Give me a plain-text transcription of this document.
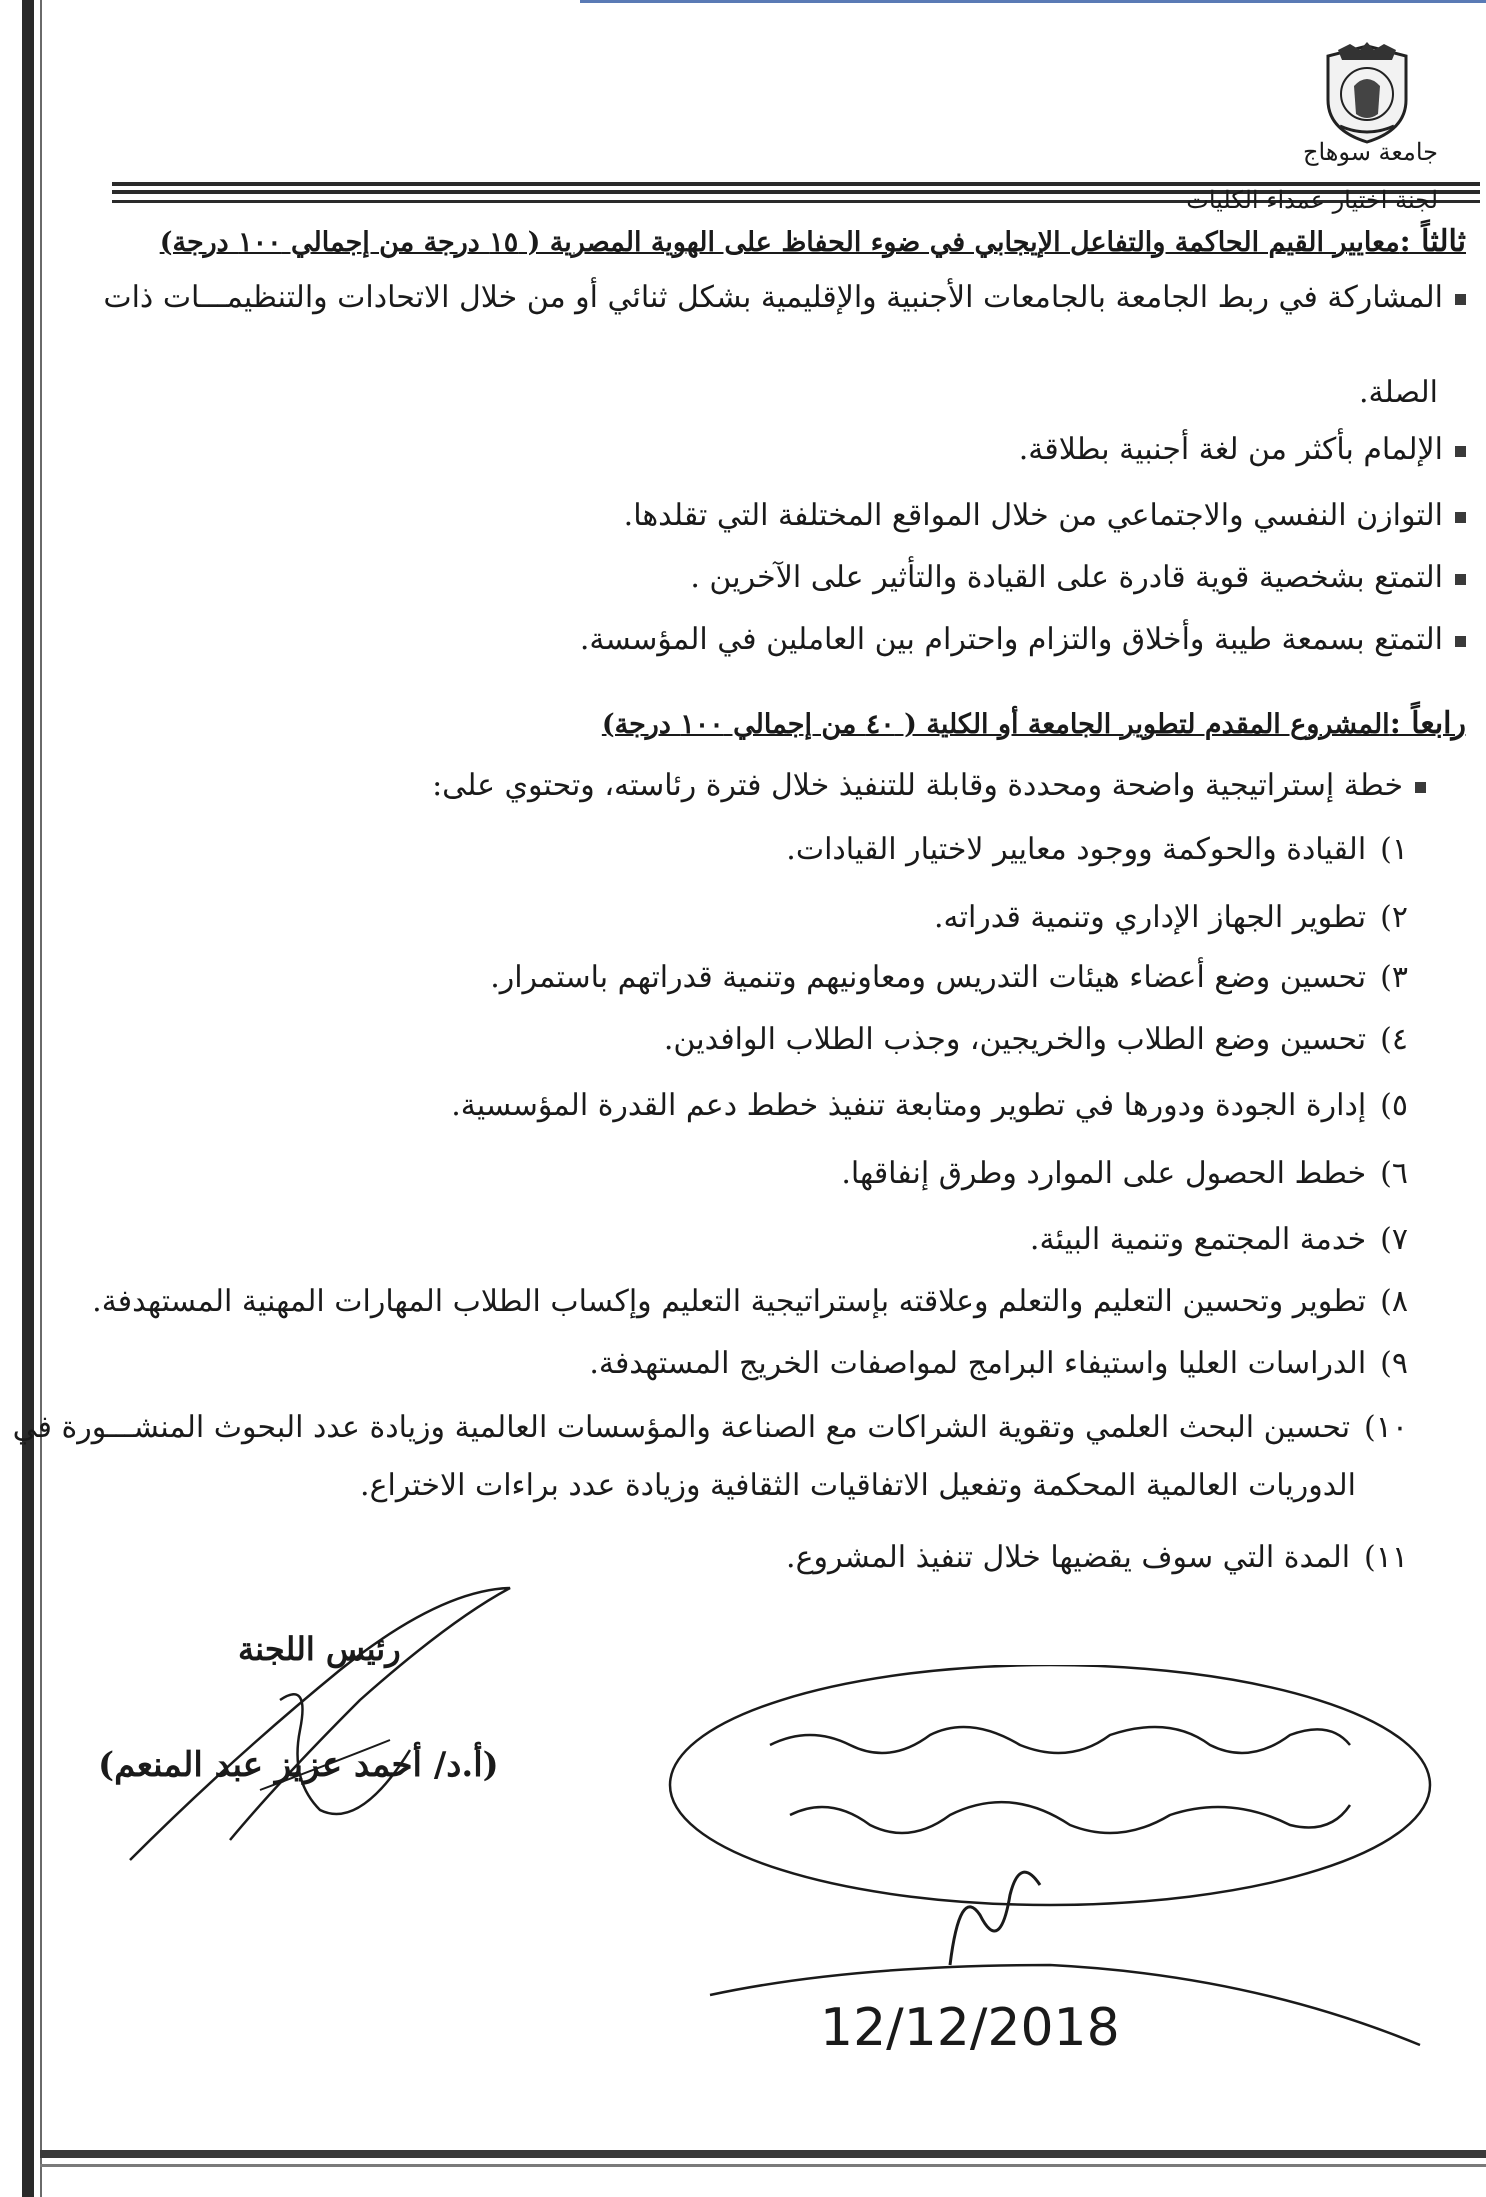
جامعة سوهاج
لجنة اختيار عمداء الكليات
ثالثاً :معايير القيم الحاكمة والتفاعل الإيجابي في ضوء الحفاظ على الهوية المصرية ( ١٥ درجة من إجمالي ١٠٠ درجة)
المشاركة في ربط الجامعة بالجامعات الأجنبية والإقليمية بشكل ثنائي أو من خلال الاتحادات والتنظيمـــات ذات
الصلة.
الإلمام بأكثر من لغة أجنبية بطلاقة.
التوازن النفسي والاجتماعي من خلال المواقع المختلفة التي تقلدها.
التمتع بشخصية قوية قادرة على القيادة والتأثير على الآخرين .
التمتع بسمعة طيبة وأخلاق والتزام واحترام بين العاملين في المؤسسة.
رابعاً :المشروع المقدم لتطوير الجامعة أو الكلية ( ٤٠ من إجمالي ١٠٠ درجة)
خطة إستراتيجية واضحة ومحددة وقابلة للتنفيذ خلال فترة رئاسته، وتحتوي على:
١)القيادة والحوكمة ووجود معايير لاختيار القيادات.
٢)تطوير الجهاز الإداري وتنمية قدراته.
٣)تحسين وضع أعضاء هيئات التدريس ومعاونيهم وتنمية قدراتهم باستمرار.
٤)تحسين وضع الطلاب والخريجين، وجذب الطلاب الوافدين.
٥)إدارة الجودة ودورها في تطوير ومتابعة تنفيذ خطط دعم القدرة المؤسسية.
٦)خطط الحصول على الموارد وطرق إنفاقها.
٧)خدمة المجتمع وتنمية البيئة.
٨)تطوير وتحسين التعليم والتعلم وعلاقته بإستراتيجية التعليم وإكساب الطلاب المهارات المهنية المستهدفة.
٩)الدراسات العليا واستيفاء البرامج لمواصفات الخريج المستهدفة.
١٠)تحسين البحث العلمي وتقوية الشراكات مع الصناعة والمؤسسات العالمية وزيادة عدد البحوث المنشـــورة في
الدوريات العالمية المحكمة وتفعيل الاتفاقيات الثقافية وزيادة عدد براءات الاختراع.
١١)المدة التي سوف يقضيها خلال تنفيذ المشروع.
رئيس اللجنة
(أ.د/ أحمد عزيز عبد المنعم)
12/12/2018
